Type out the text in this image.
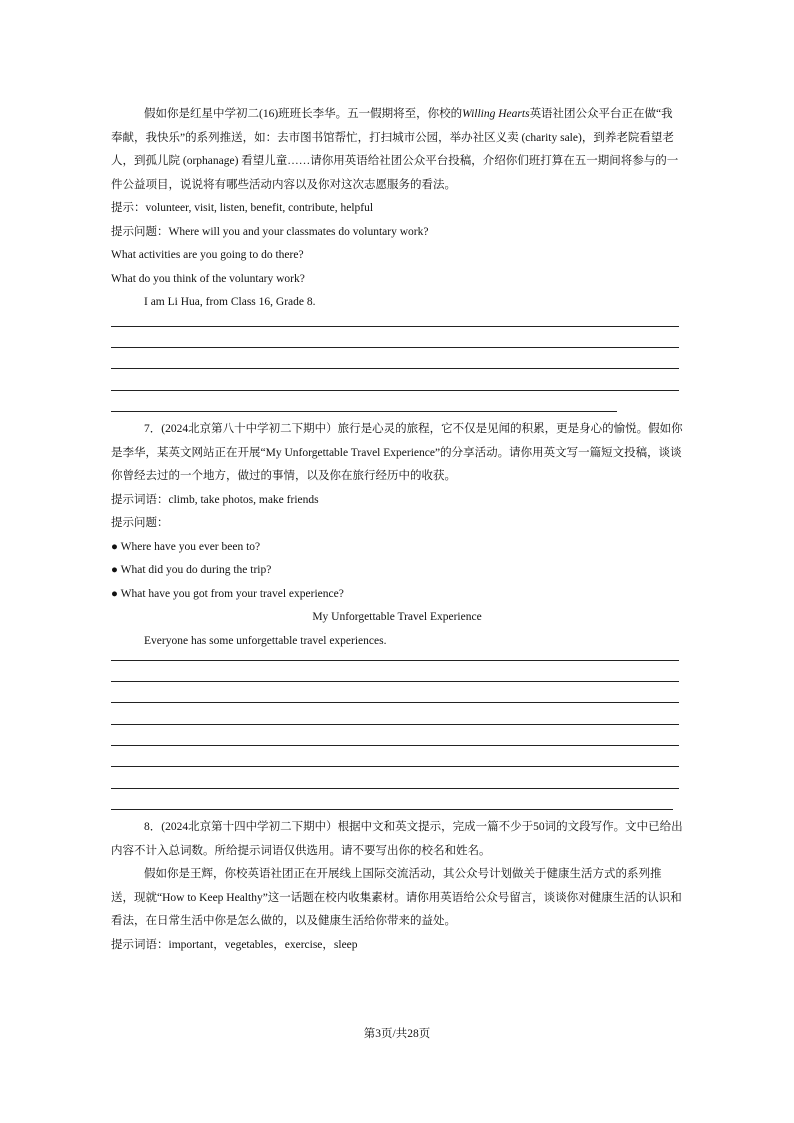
假如你是红星中学初二(16)班班长李华。五一假期将至，你校的Willing Hearts英语社团公众平台正在做“我奉献，我快乐”的系列推送，如：去市图书馆帮忙，打扫城市公园，举办社区义卖 (charity sale)，到养老院看望老人，到孤儿院 (orphanage) 看望儿童……请你用英语给社团公众平台投稿，介绍你们班打算在五一期间将参与的一件公益项目，说说将有哪些活动内容以及你对这次志愿服务的看法。

提示：volunteer, visit, listen, benefit, contribute, helpful

提示问题：Where will you and your classmates do voluntary work?

What activities are you going to do there?

What do you think of the voluntary work?

I am Li Hua, from Class 16, Grade 8.

7．(2024北京第八十中学初二下期中）旅行是心灵的旅程，它不仅是见闻的积累，更是身心的愉悦。假如你是李华，某英文网站正在开展“My Unforgettable Travel Experience”的分享活动。请你用英文写一篇短文投稿，谈谈你曾经去过的一个地方，做过的事情，以及你在旅行经历中的收获。

提示词语：climb, take photos, make friends

提示问题：

● Where have you ever been to?

● What did you do during the trip?

● What have you got from your travel experience?

My Unforgettable Travel Experience

Everyone has some unforgettable travel experiences.

8．(2024北京第十四中学初二下期中）根据中文和英文提示，完成一篇不少于50词的文段写作。文中已给出内容不计入总词数。所给提示词语仅供选用。请不要写出你的校名和姓名。

假如你是王辉，你校英语社团正在开展线上国际交流活动，其公众号计划做关于健康生活方式的系列推送，现就“How to Keep Healthy”这一话题在校内收集素材。请你用英语给公众号留言，谈谈你对健康生活的认识和看法，在日常生活中你是怎么做的，以及健康生活给你带来的益处。

提示词语：important，vegetables，exercise，sleep

第3页/共28页
